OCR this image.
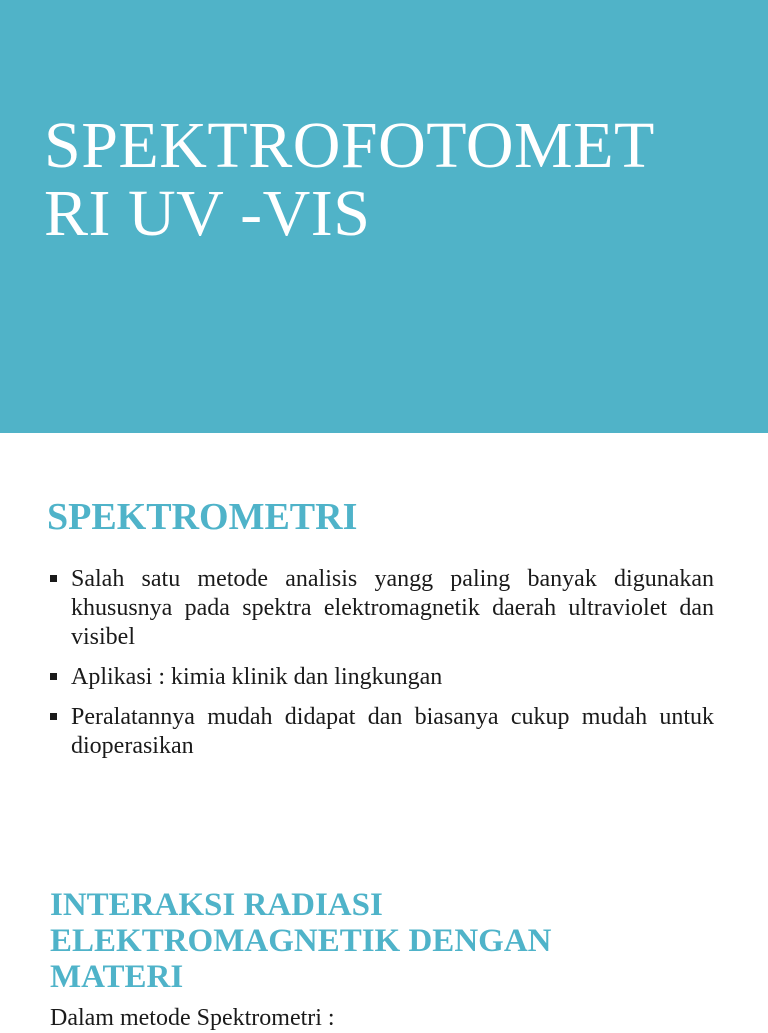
SPEKTROFOTOMET
RI UV -VIS
SPEKTROMETRI
Salah satu metode analisis yangg paling banyak digunakan khususnya pada spektra elektromagnetik daerah ultraviolet dan visibel
Aplikasi : kimia klinik dan lingkungan
Peralatannya mudah didapat dan biasanya cukup mudah untuk dioperasikan
INTERAKSI RADIASI
ELEKTROMAGNETIK DENGAN
MATERI

Dalam metode Spektrometri :
